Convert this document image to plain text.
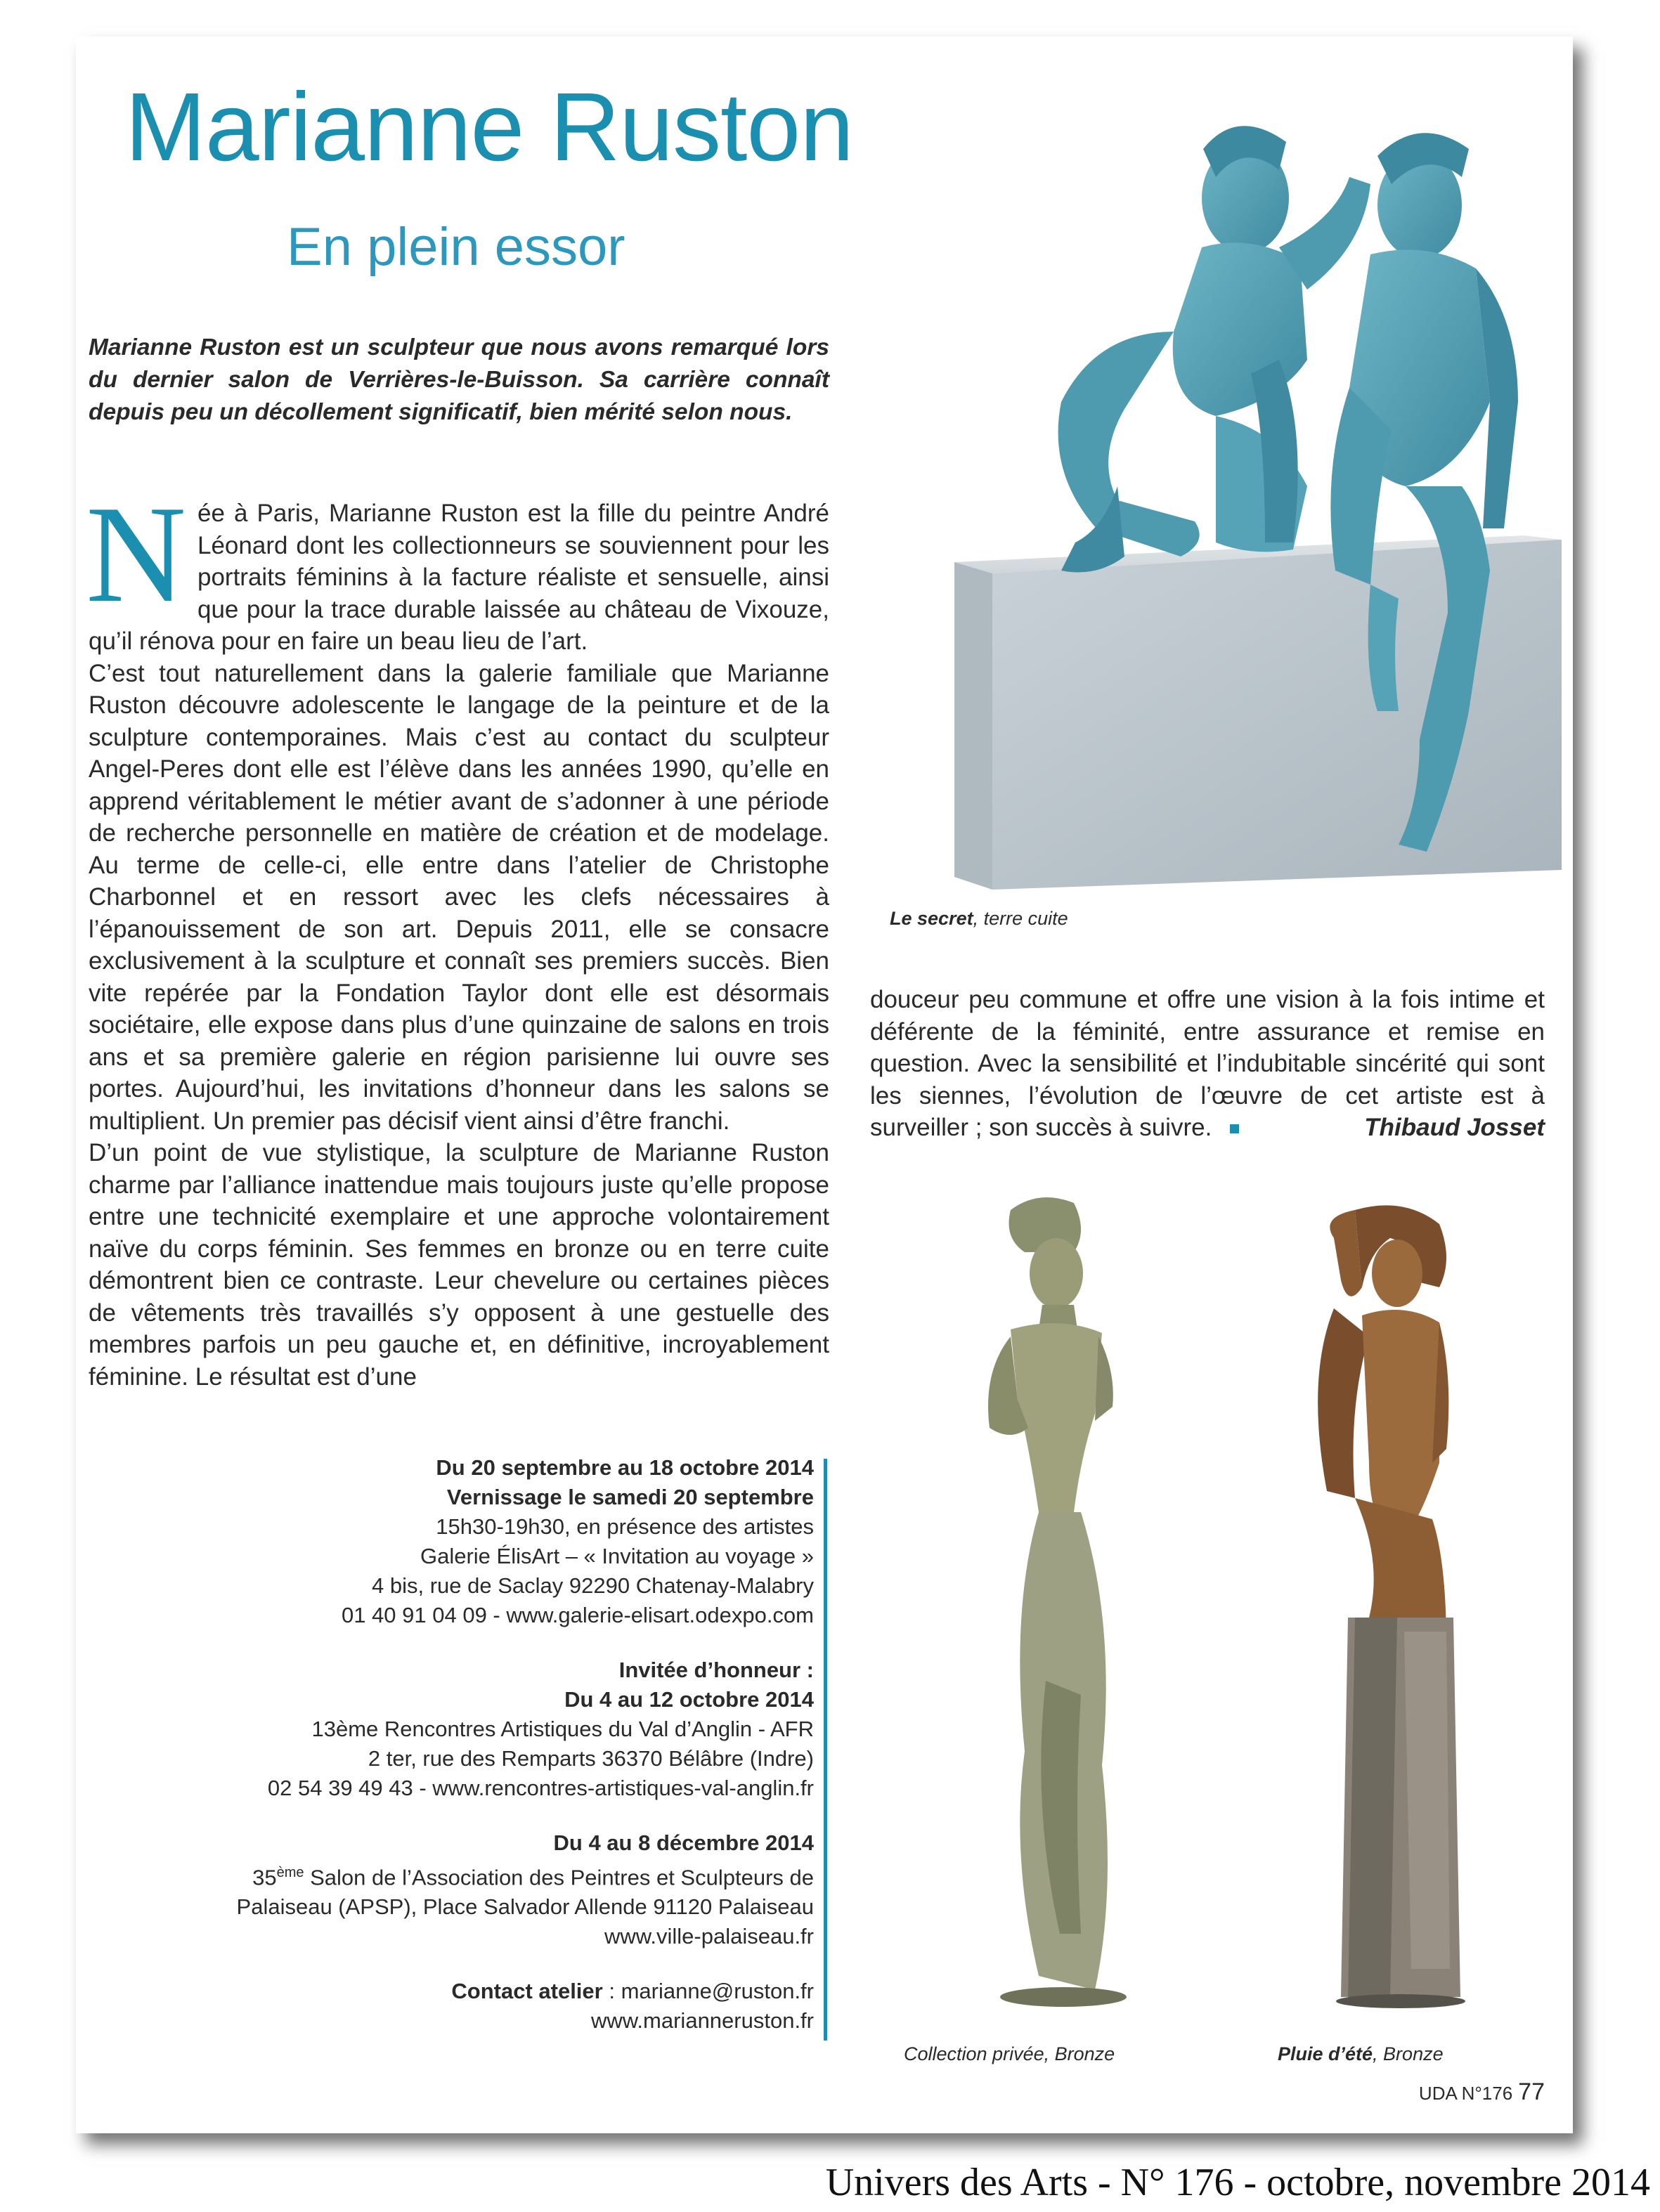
Marianne Ruston
En plein essor
Marianne Ruston est un sculpteur que nous avons remarqué lors du dernier salon de Verrières-le-Buisson. Sa carrière connaît depuis peu un décollement significatif, bien mérité selon nous.
N ée à Paris, Marianne Ruston est la fille du peintre André Léonard dont les collectionneurs se souviennent pour les portraits féminins à la facture réaliste et sensuelle, ainsi que pour la trace durable laissée au château de Vixouze, qu’il rénova pour en faire un beau lieu de l’art.

C’est tout naturellement dans la galerie familiale que Marianne Ruston découvre adolescente le langage de la peinture et de la sculpture contemporaines. Mais c’est au contact du sculpteur Angel-Peres dont elle est l’élève dans les années 1990, qu’elle en apprend véritablement le métier avant de s’adonner à une période de recherche personnelle en matière de création et de modelage. Au terme de celle-ci, elle entre dans l’atelier de Christophe Charbonnel et en ressort avec les clefs nécessaires à l’épanouissement de son art. Depuis 2011, elle se consacre exclusivement à la sculpture et connaît ses premiers succès. Bien vite repérée par la Fondation Taylor dont elle est désormais sociétaire, elle expose dans plus d’une quinzaine de salons en trois ans et sa première galerie en région parisienne lui ouvre ses portes. Aujourd’hui, les invitations d’honneur dans les salons se multiplient. Un premier pas décisif vient ainsi d’être franchi.

D’un point de vue stylistique, la sculpture de Marianne Ruston charme par l’alliance inattendue mais toujours juste qu’elle propose entre une technicité exemplaire et une approche volontairement naïve du corps féminin. Ses femmes en bronze ou en terre cuite démontrent bien ce contraste. Leur chevelure ou certaines pièces de vêtements très travaillés s’y opposent à une gestuelle des membres parfois un peu gauche et, en définitive, incroyablement féminine. Le résultat est d’une

douceur peu commune et offre une vision à la fois intime et déférente de la féminité, entre assurance et remise en question. Avec la sensibilité et l’indubitable sincérité qui sont les siennes, l’évolution de l’œuvre de cet artiste est à surveiller ; son succès à suivre.	Thibaud Josset
Le secret, terre cuite
Collection privée, Bronze	Pluie d’été, Bronze
Du 20 septembre au 18 octobre 2014
Vernissage le samedi 20 septembre
15h30-19h30, en présence des artistes
Galerie ÉlisArt – « Invitation au voyage »
4 bis, rue de Saclay 92290 Chatenay-Malabry
01 40 91 04 09 - www.galerie-elisart.odexpo.com
Invitée d’honneur :
Du 4 au 12 octobre 2014
13ème Rencontres Artistiques du Val d’Anglin - AFR
2 ter, rue des Remparts 36370 Bélâbre (Indre)
02 54 39 49 43 - www.rencontres-artistiques-val-anglin.fr
Du 4 au 8 décembre 2014
35ème Salon de l’Association des Peintres et Sculpteurs de
Palaiseau (APSP), Place Salvador Allende 91120 Palaiseau
www.ville-palaiseau.fr
Contact atelier : marianne@ruston.fr
www.marianneruston.fr
UDA N°176 77
Univers des Arts - N° 176 - octobre, novembre 2014
